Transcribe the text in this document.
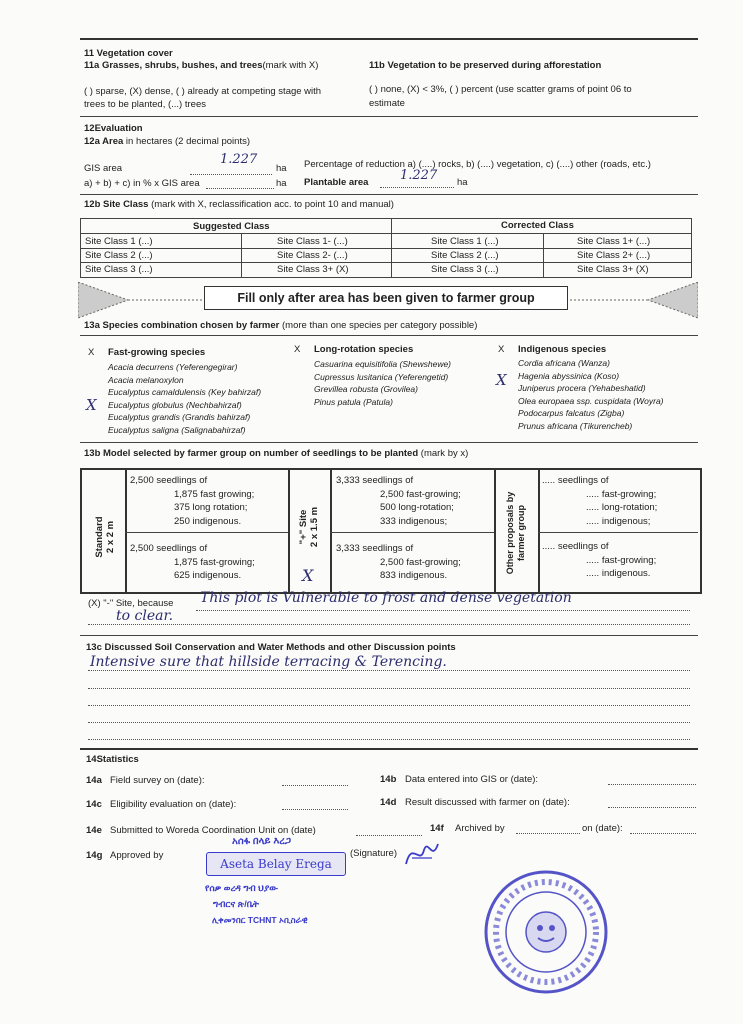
11 Vegetation cover
11a Grasses, shrubs, bushes, and trees(mark with X)	11b Vegetation to be preserved during afforestation
( ) sparse, (X) dense, ( ) already at competing stage with
trees to be planted, (...) trees
( ) none, (X) < 3%, ( ) percent (use scatter grams of point 06 to
estimate
12Evaluation
12a Area in hectares (2 decimal points)
GIS area
1.227
ha Percentage of reduction a) (....) rocks, b) (....) vegetation, c) (....) other (roads, etc.)
a) + b) + c) in % x GIS area	ha Plantable area 1.227 ha
12b Site Class (mark with X, reclassification acc. to point 10 and manual)
Suggested Class	Corrected Class
Site Class 1 (...)	Site Class 1- (...)	Site Class 1 (...)	Site Class 1+ (...)
Site Class 2 (...)	Site Class 2- (...)	Site Class 2 (...)	Site Class 2+ (...)
Site Class 3 (...)	Site Class 3+ (X)	Site Class 3 (...)	Site Class 3+ (X)
Fill only after area has been given to farmer group
13a Species combination chosen by farmer (more than one species per category possible)
X Fast-growing species	X Long-rotation species	X Indigenous species
Acacia decurrens (Yeferengegirar)
Acacia melanoxylon
Eucalyptus camaldulensis (Key bahirzaf)
Eucalyptus globulus (Nechbahirzaf)
Eucalyptus grandis (Grandis bahirzaf)
Eucalyptus saligna (Salignabahirzaf)
Casuarina equisitifolia (Shewshewe)
Cupressus lusitanica (Yeferengetid)
Grevillea robusta (Grovilea)
Pinus patula (Patula)
Cordia africana (Wanza)
Hagenia abyssinica (Koso)
Juniperus procera (Yehabeshatid)
Olea europaea ssp. cuspidata (Woyra)
Podocarpus falcatus (Zigba)
Prunus africana (Tikurencheb)
X
X
13b Model selected by farmer group on number of seedlings to be planted (mark by x)
Standard 2 x 2 m	"+" Site 2 x 1.5 m	Other proposals by farmer group
2,500 seedlings of
1,875 fast growing;
375 long rotation;
250 indigenous.
2,500 seedlings of
1,875 fast-growing;
625 indigenous.
3,333 seedlings of
2,500 fast-growing;
500 long-rotation;
333 indigenous;
3,333 seedlings of
2,500 fast-growing;
833 indigenous.
..... seedlings of
..... fast-growing;
..... long-rotation;
..... indigenous;
..... seedlings of
..... fast-growing;
..... indigenous.
X
(X) "-" Site, because This plot is Vulnerable to frost and dense vegetation
to clear.
13c Discussed Soil Conservation and Water Methods and other Discussion points
Intensive sure that hillside terracing & Terencing.
14Statistics
14a Field survey on (date):	14b Data entered into GIS or (date):
14c Eligibility evaluation on (date):	14d Result discussed with farmer on (date):
14e Submitted to Woreda Coordination Unit on (date)	14f Archived by	on (date):
14g Approved by	(Signature)
አሰፋ በላይ እረጋ
Aseta Belay Erega
የሰቃ ወረዳ ግብ ህያው
ግብርና ጽ/ቤት
ሊቀመንበር TCHNT ኦቢስራዊ
